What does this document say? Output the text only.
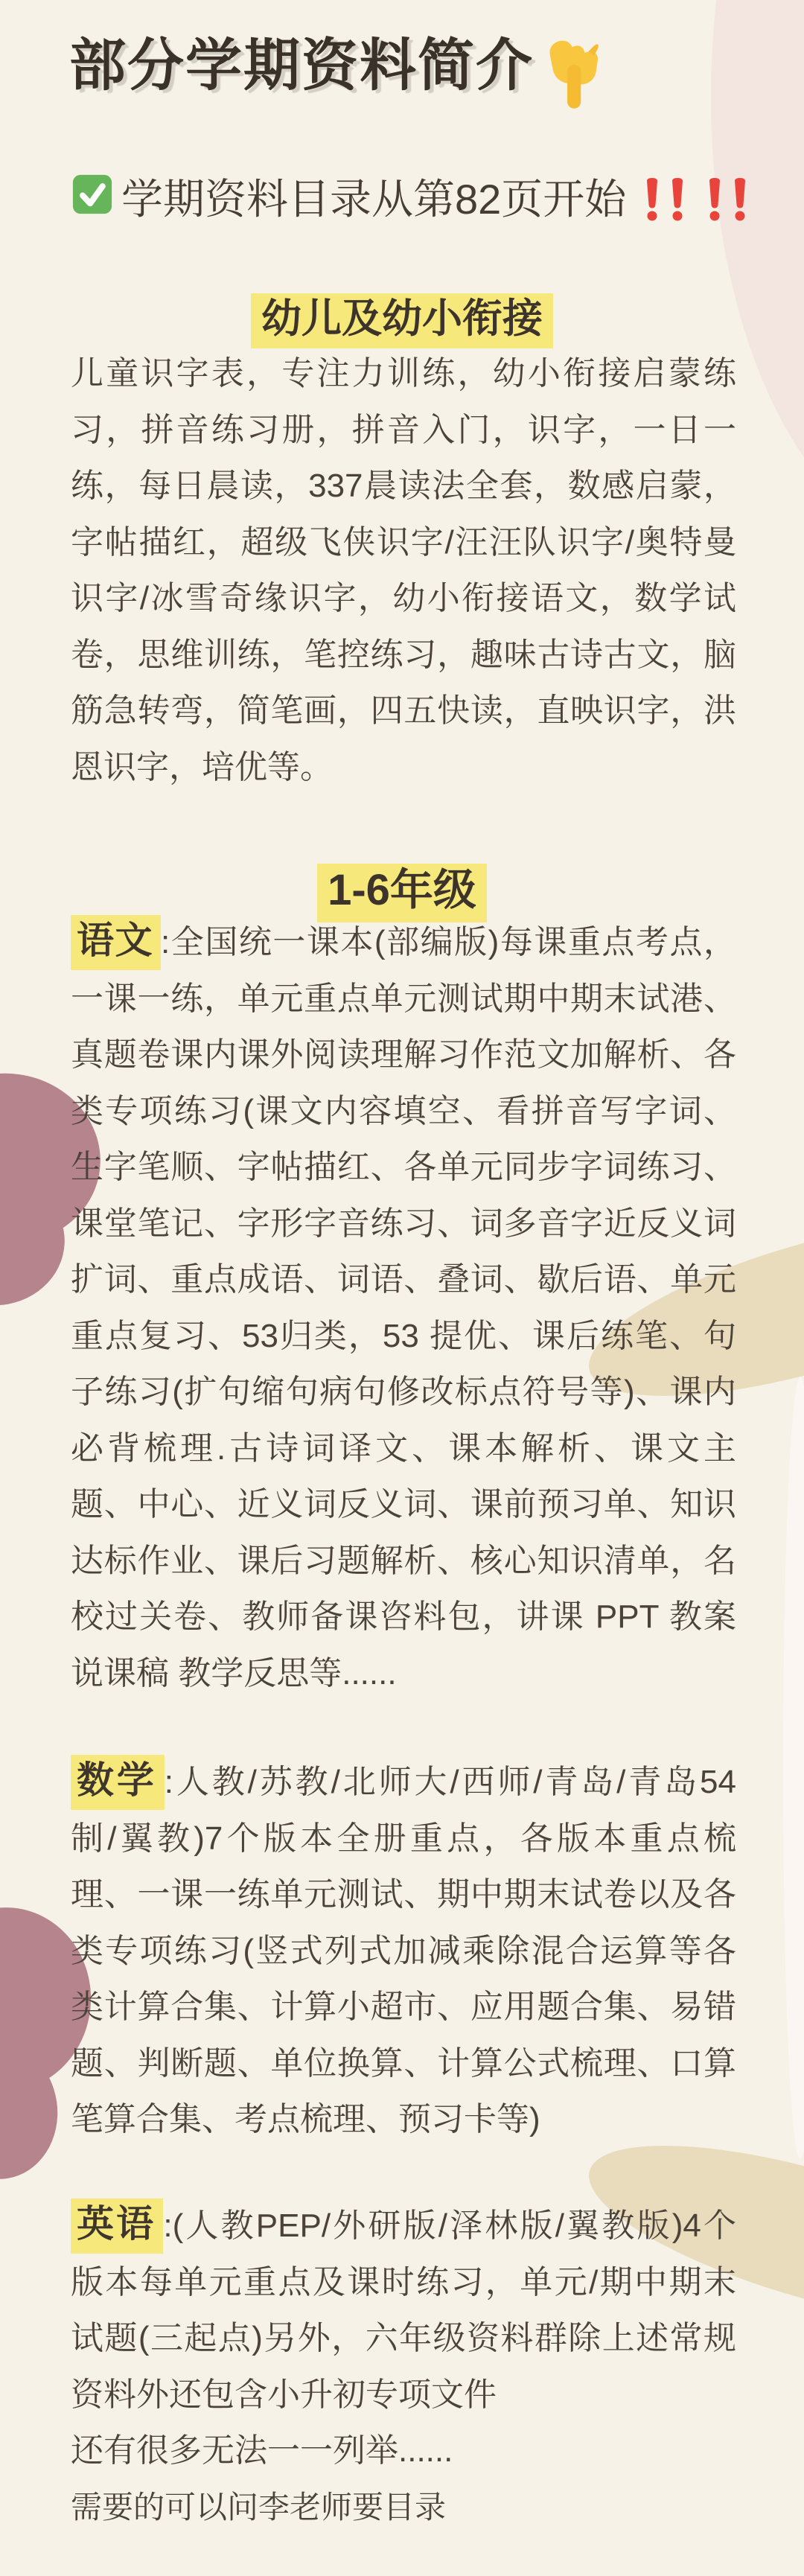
部分学期资料简介
学期资料目录从第82页开始
幼儿及幼小衔接
儿童识字表，专注力训练，幼小衔接启蒙练
习，拼音练习册，拼音入门，识字，一日一
练，每日晨读，337晨读法全套，数感启蒙，
字帖描红，超级飞侠识字/汪汪队识字/奥特曼
识字/冰雪奇缘识字，幼小衔接语文，数学试
卷，思维训练，笔控练习，趣味古诗古文，脑
筋急转弯，简笔画，四五快读，直映识字，洪
恩识字，培优等。
1-6年级
语文 :全国统一课本(部编版)每课重点考点，
一课一练，单元重点单元测试期中期末试港、
真题卷课内课外阅读理解习作范文加解析、各
类专项练习(课文内容填空、看拼音写字词、
生字笔顺、字帖描红、各单元同步字词练习、
课堂笔记、字形字音练习、词多音字近反义词
扩词、重点成语、词语、叠词、歇后语、单元
重点复习、53归类，53 提优、课后练笔、句
子练习(扩句缩句病句修改标点符号等)、课内
必背梳理.古诗词译文、课本解析、课文主
题、中心、近义词反义词、课前预习单、知识
达标作业、课后习题解析、核心知识清单，名
校过关卷、教师备课咨料包，讲课 PPT 教案
说课稿 教学反思等......
数学 :人教/苏教/北师大/西师/青岛/青岛54
制/翼教)7个版本全册重点，各版本重点梳
理、一课一练单元测试、期中期末试卷以及各
类专项练习(竖式列式加减乘除混合运算等各
类计算合集、计算小超市、应用题合集、易错
题、判断题、单位换算、计算公式梳理、口算
笔算合集、考点梳理、预习卡等)
英语 :(人教PEP/外研版/泽林版/翼教版)4个
版本每单元重点及课时练习，单元/期中期末
试题(三起点)另外，六年级资料群除上述常规
资料外还包含小升初专项文件
还有很多无法一一列举......
需要的可以问李老师要目录
